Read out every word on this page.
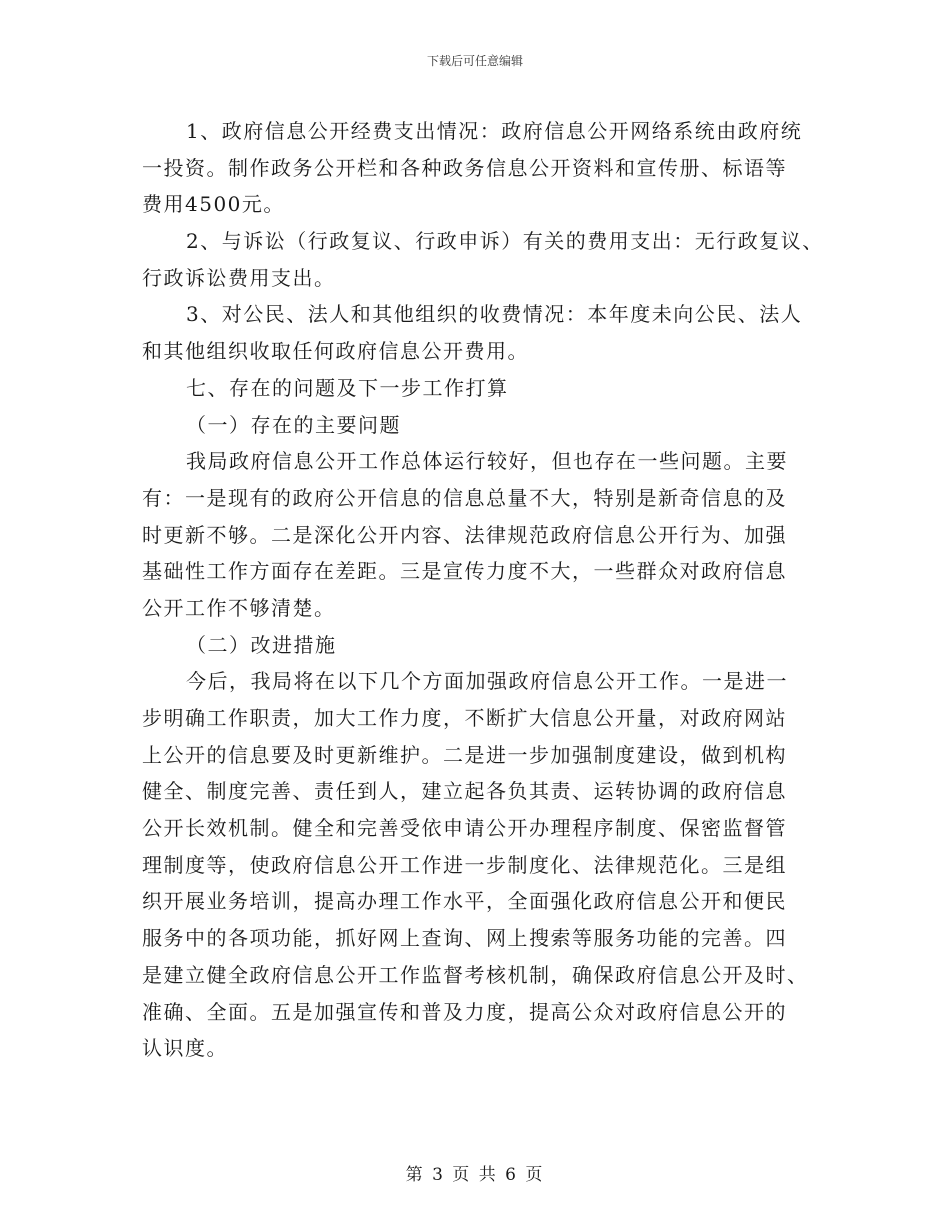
下载后可任意编辑
1、政府信息公开经费支出情况：政府信息公开网络系统由政府统
一投资。制作政务公开栏和各种政务信息公开资料和宣传册、标语等
费用4500元。
2、与诉讼（行政复议、行政申诉）有关的费用支出：无行政复议、
行政诉讼费用支出。
3、对公民、法人和其他组织的收费情况：本年度未向公民、法人
和其他组织收取任何政府信息公开费用。
七、存在的问题及下一步工作打算
（一）存在的主要问题
我局政府信息公开工作总体运行较好，但也存在一些问题。主要
有：一是现有的政府公开信息的信息总量不大，特别是新奇信息的及
时更新不够。二是深化公开内容、法律规范政府信息公开行为、加强
基础性工作方面存在差距。三是宣传力度不大，一些群众对政府信息
公开工作不够清楚。
（二）改进措施
今后，我局将在以下几个方面加强政府信息公开工作。一是进一
步明确工作职责，加大工作力度，不断扩大信息公开量，对政府网站
上公开的信息要及时更新维护。二是进一步加强制度建设，做到机构
健全、制度完善、责任到人，建立起各负其责、运转协调的政府信息
公开长效机制。健全和完善受依申请公开办理程序制度、保密监督管
理制度等，使政府信息公开工作进一步制度化、法律规范化。三是组
织开展业务培训，提高办理工作水平，全面强化政府信息公开和便民
服务中的各项功能，抓好网上查询、网上搜索等服务功能的完善。四
是建立健全政府信息公开工作监督考核机制，确保政府信息公开及时、
准确、全面。五是加强宣传和普及力度，提高公众对政府信息公开的
认识度。
第 3 页 共 6 页
